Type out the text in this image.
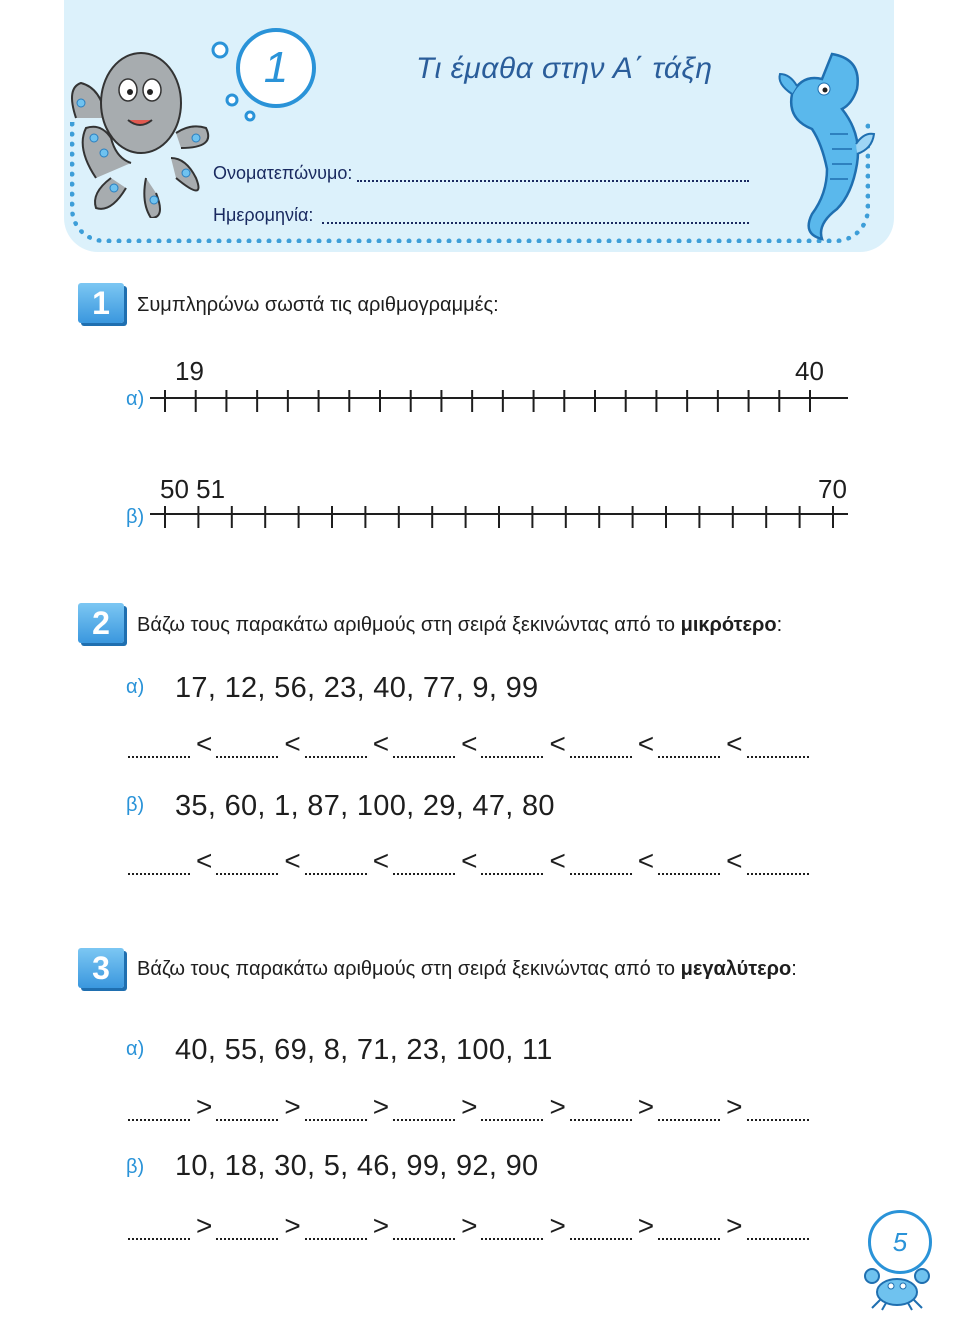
1	Τι έμαθα στην Α΄ τάξη
Ονοματεπώνυμο:
Ημερομηνία:
1 Συμπληρώνω σωστά τις αριθμογραμμές:
α)
19	40
β)
50 51	70
2 Βάζω τους παρακάτω αριθμούς στη σειρά ξεκινώντας από το μικρότερο:
α) 17, 12, 56, 23, 40, 77, 9, 99
<	<	<	<	<	<	<
β) 35, 60, 1, 87, 100, 29, 47, 80
<	<	<	<	<	<	<
3 Βάζω τους παρακάτω αριθμούς στη σειρά ξεκινώντας από το μεγαλύτερο:
α) 40, 55, 69, 8, 71, 23, 100, 11
>	>	>	>	>	>	>
β) 10, 18, 30, 5, 46, 99, 92, 90
>	>	>	>	>	>	>
5
